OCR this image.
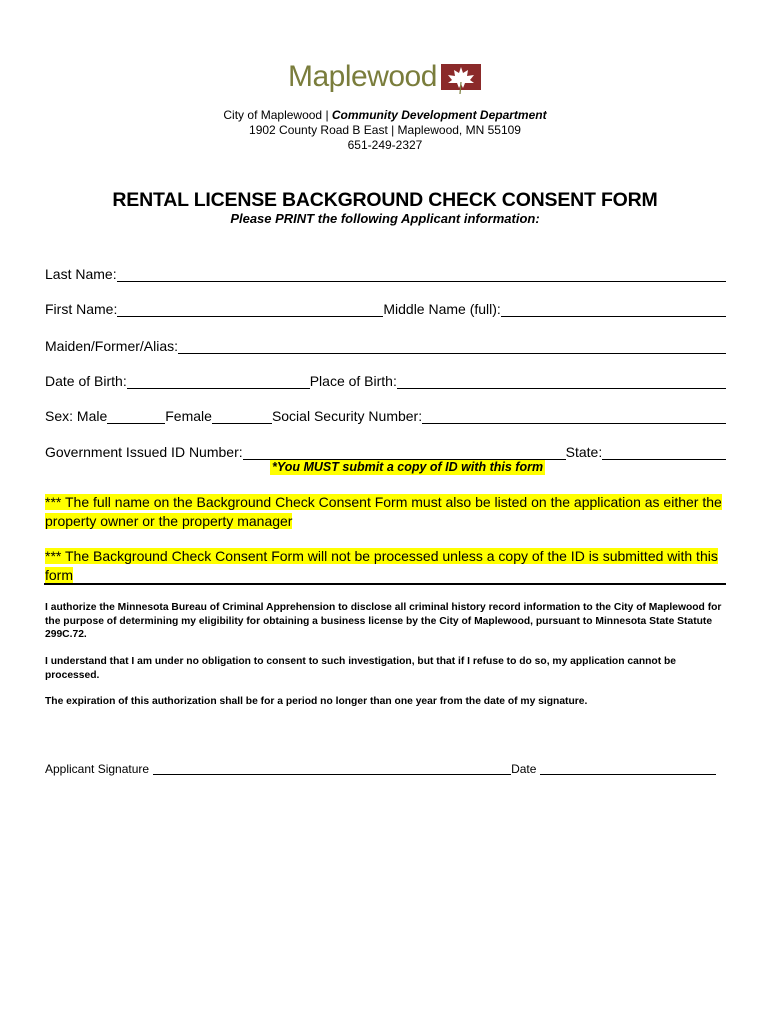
Maplewood
City of Maplewood | Community Development Department
1902 County Road B East | Maplewood, MN 55109
651-249-2327
RENTAL LICENSE BACKGROUND CHECK CONSENT FORM
Please PRINT the following Applicant information:
Last Name:
First Name:	Middle Name (full):
Maiden/Former/Alias:
Date of Birth:	Place of Birth:
Sex: Male	Female	Social Security Number:
Government Issued ID Number:	State:
*You MUST submit a copy of ID with this form
*** The full name on the Background Check Consent Form must also be listed on the application as either the property owner or the property manager
*** The Background Check Consent Form will not be processed unless a copy of the ID is submitted with this form
I authorize the Minnesota Bureau of Criminal Apprehension to disclose all criminal history record information to the City of Maplewood for the purpose of determining my eligibility for obtaining a business license by the City of Maplewood, pursuant to Minnesota State Statute 299C.72.
I understand that I am under no obligation to consent to such investigation, but that if I refuse to do so, my application cannot be processed.
The expiration of this authorization shall be for a period no longer than one year from the date of my signature.
Applicant Signature	Date
